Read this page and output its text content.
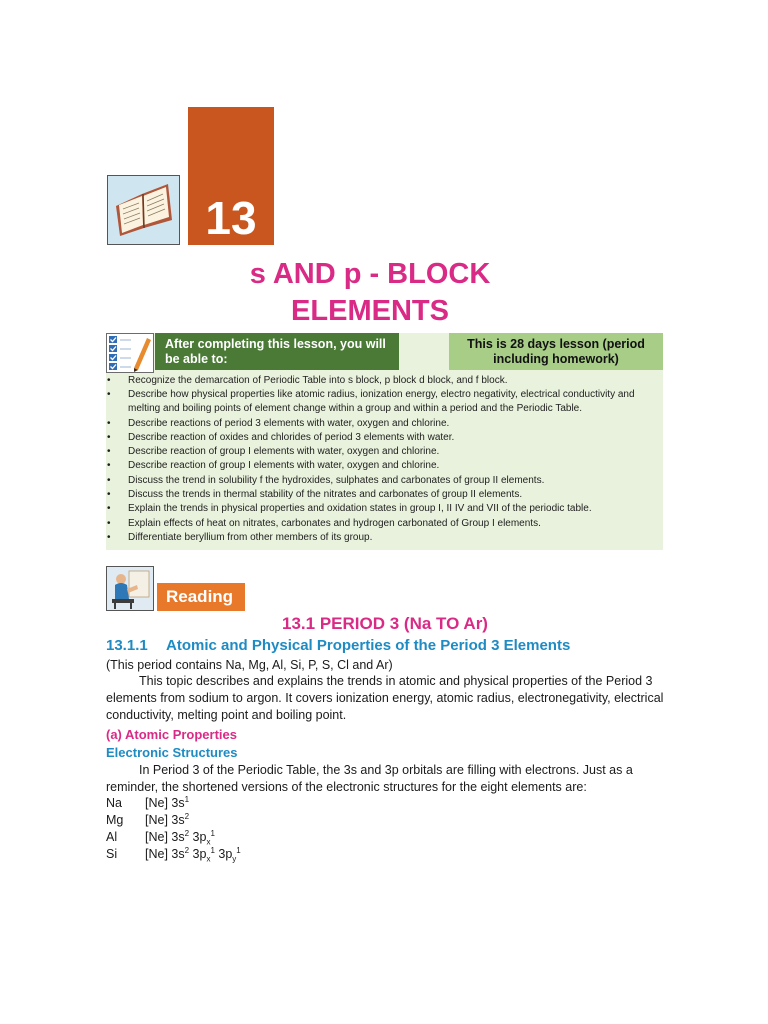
13
s AND p - BLOCK
ELEMENTS
After completing this lesson, you will be able to:
This is 28 days lesson (period including homework)
• Recognize the demarcation of Periodic Table into s block, p block d block, and f block.
• Describe how physical properties like atomic radius, ionization energy, electro negativity, electrical conductivity and melting and boiling points of element change within a group and within a period and the Periodic Table.
• Describe reactions of period 3 elements with water, oxygen and chlorine.
• Describe reaction of oxides and chlorides of period 3 elements with water.
• Describe reaction of group I elements with water, oxygen and chlorine.
• Describe reaction of group I elements with water, oxygen and chlorine.
• Discuss the trend in solubility f the hydroxides, sulphates and carbonates of group II elements.
• Discuss the trends in thermal stability of the nitrates and carbonates of group II elements.
• Explain the trends in physical properties and oxidation states in group I, II IV and VII of the periodic table.
• Explain effects of heat on nitrates, carbonates and hydrogen carbonated of Group I elements.
• Differentiate beryllium from other members of its group.
Reading
13.1 PERIOD 3 (Na TO Ar)
13.1.1 Atomic and Physical Properties of the Period 3 Elements
(This period contains Na, Mg, Al, Si, P, S, Cl and Ar)
This topic describes and explains the trends in atomic and physical properties of the Period 3 elements from sodium to argon. It covers ionization energy, atomic radius, electronegativity, electrical conductivity, melting point and boiling point.
(a) Atomic Properties
Electronic Structures
In Period 3 of the Periodic Table, the 3s and 3p orbitals are filling with electrons. Just as a reminder, the shortened versions of the electronic structures for the eight elements are:
Na	[Ne] $3s^1$
Mg	[Ne] $3s^2$
Al	[Ne] $3s^2$ $3p_x^1$
Si	[Ne] $3s^2$ $3p_x^1$ $3p_y^1$
